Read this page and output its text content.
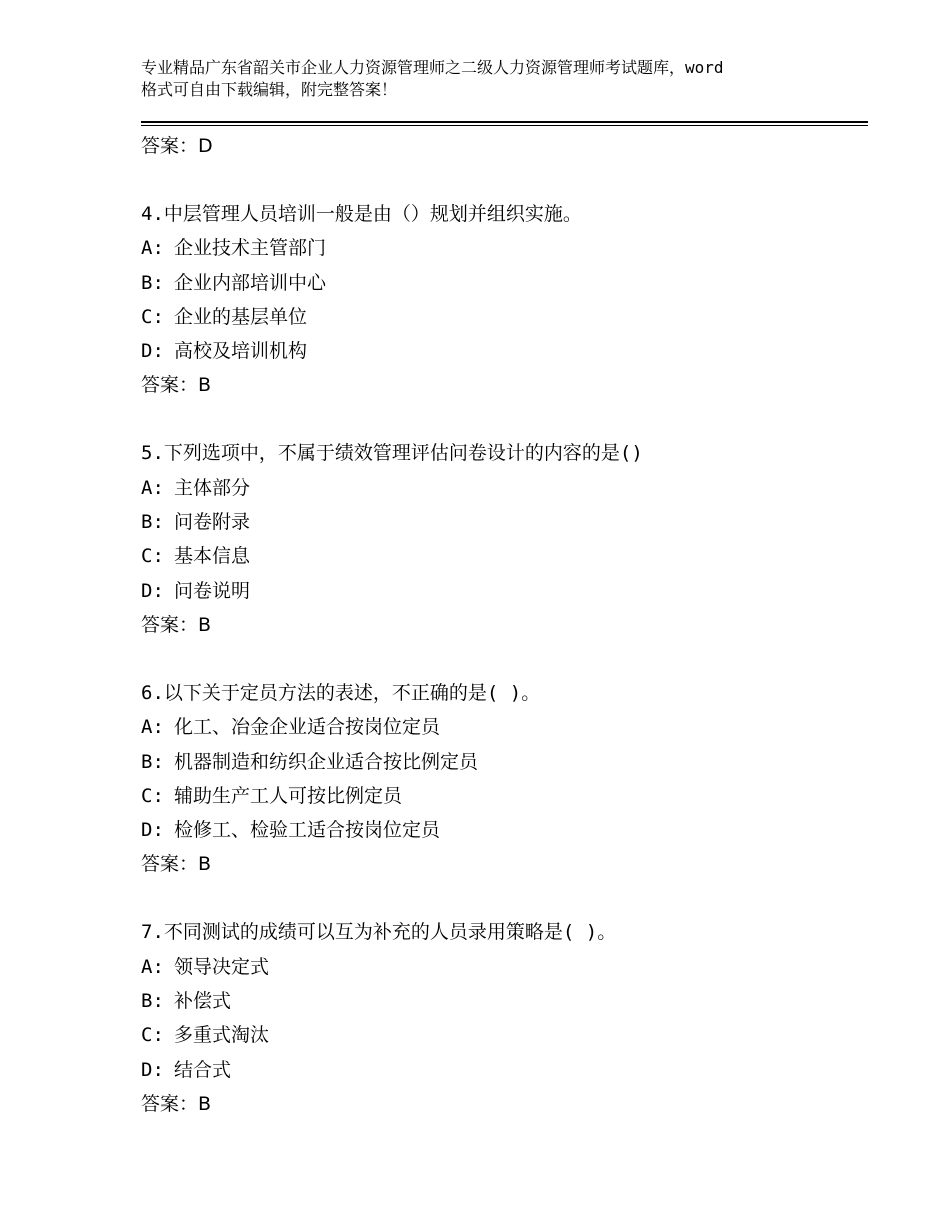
专业精品广东省韶关市企业人力资源管理师之二级人力资源管理师考试题库，word
格式可自由下载编辑，附完整答案！
答案：D
4.中层管理人员培训一般是由（）规划并组织实施。
A: 企业技术主管部门
B: 企业内部培训中心
C: 企业的基层单位
D: 高校及培训机构
答案：B
5.下列选项中，不属于绩效管理评估问卷设计的内容的是()
A: 主体部分
B: 问卷附录
C: 基本信息
D: 问卷说明
答案：B
6.以下关于定员方法的表述，不正确的是( )。
A: 化工、冶金企业适合按岗位定员
B: 机器制造和纺织企业适合按比例定员
C: 辅助生产工人可按比例定员
D: 检修工、检验工适合按岗位定员
答案：B
7.不同测试的成绩可以互为补充的人员录用策略是( )。
A: 领导决定式
B: 补偿式
C: 多重式淘汰
D: 结合式
答案：B
